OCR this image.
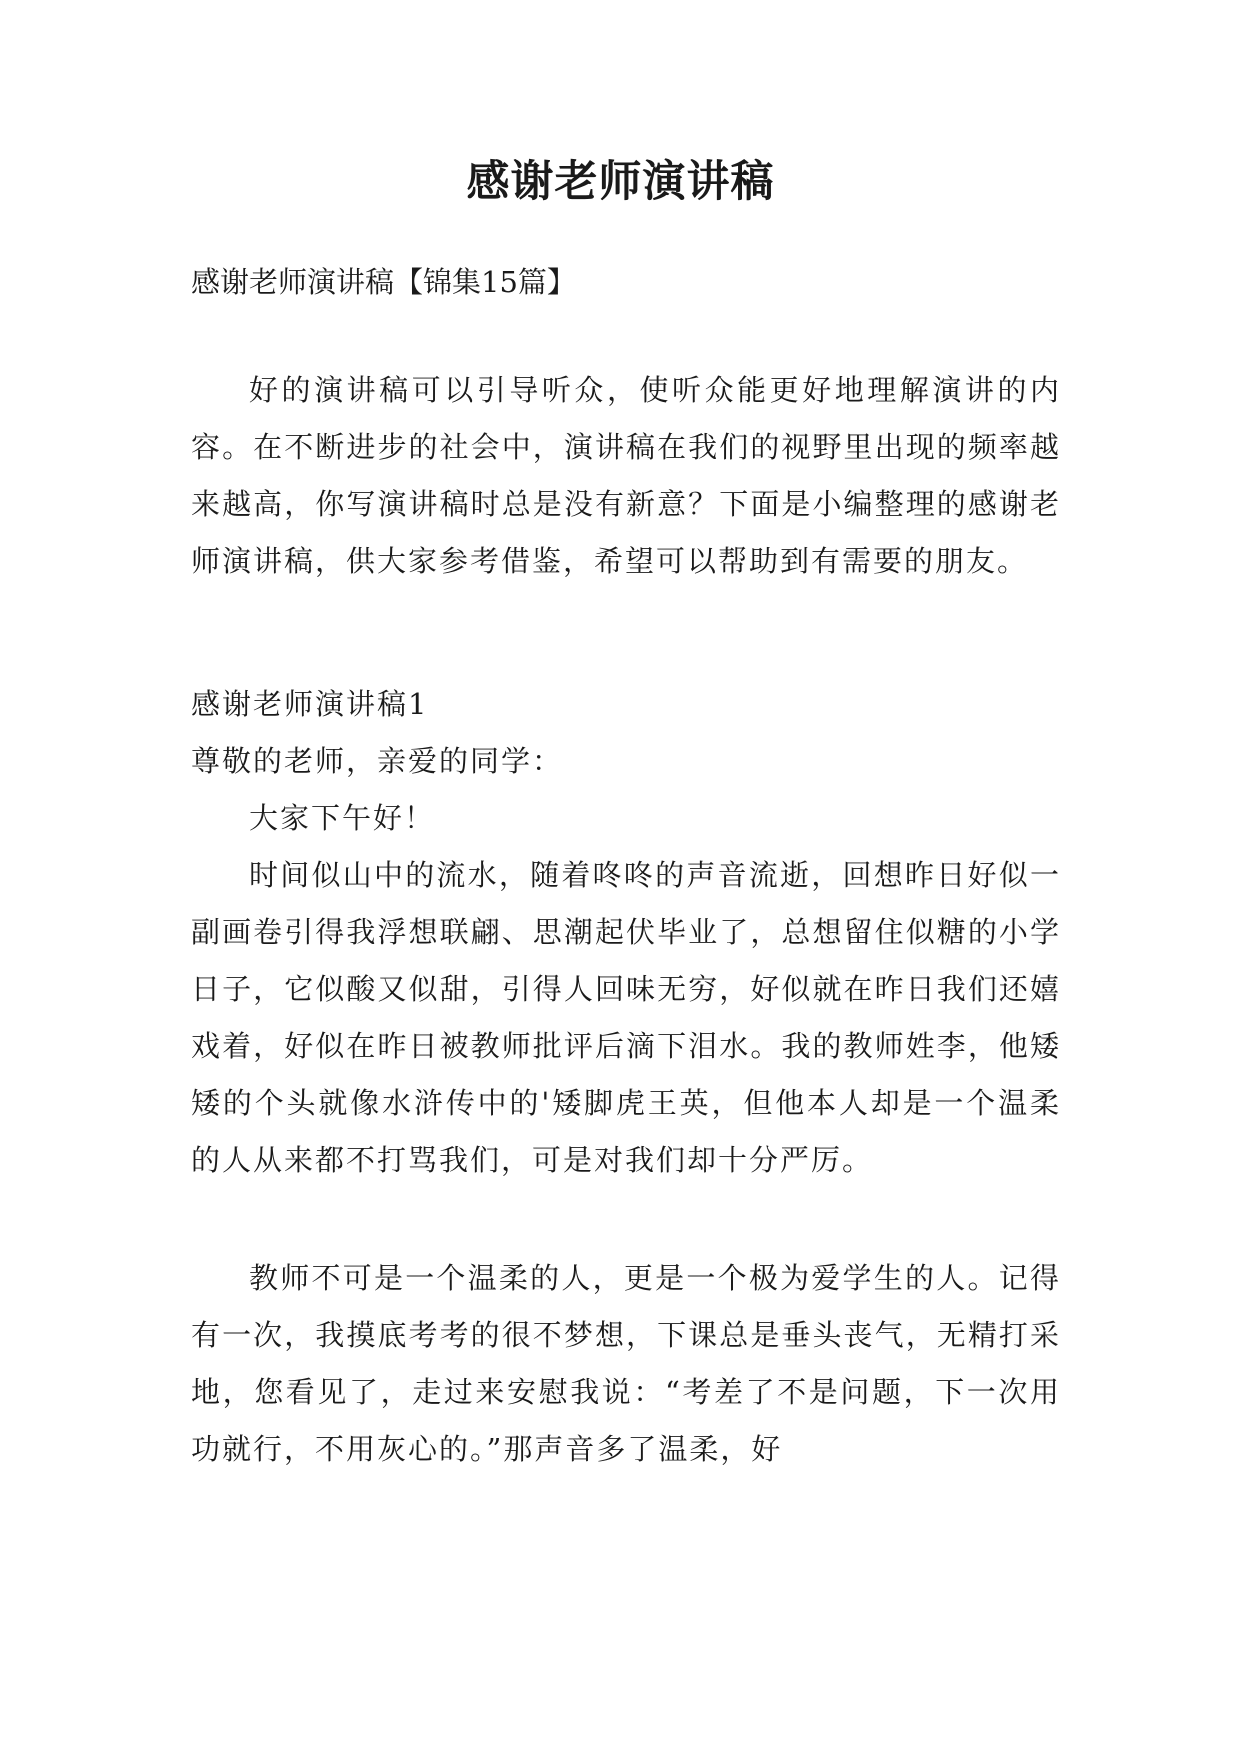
感谢老师演讲稿

感谢老师演讲稿【锦集15篇】

好的演讲稿可以引导听众，使听众能更好地理解演讲的内容。在不断进步的社会中，演讲稿在我们的视野里出现的频率越来越高，你写演讲稿时总是没有新意？下面是小编整理的感谢老师演讲稿，供大家参考借鉴，希望可以帮助到有需要的朋友。

感谢老师演讲稿1

尊敬的老师，亲爱的同学：

大家下午好！

时间似山中的流水，随着咚咚的声音流逝，回想昨日好似一副画卷引得我浮想联翩、思潮起伏毕业了，总想留住似糖的小学日子，它似酸又似甜，引得人回味无穷，好似就在昨日我们还嬉戏着，好似在昨日被教师批评后滴下泪水。我的教师姓李，他矮矮的个头就像水浒传中的'矮脚虎王英，但他本人却是一个温柔的人从来都不打骂我们，可是对我们却十分严厉。

教师不可是一个温柔的人，更是一个极为爱学生的人。记得有一次，我摸底考考的很不梦想，下课总是垂头丧气，无精打采地，您看见了，走过来安慰我说：“考差了不是问题，下一次用功就行，不用灰心的。”那声音多了温柔，好
